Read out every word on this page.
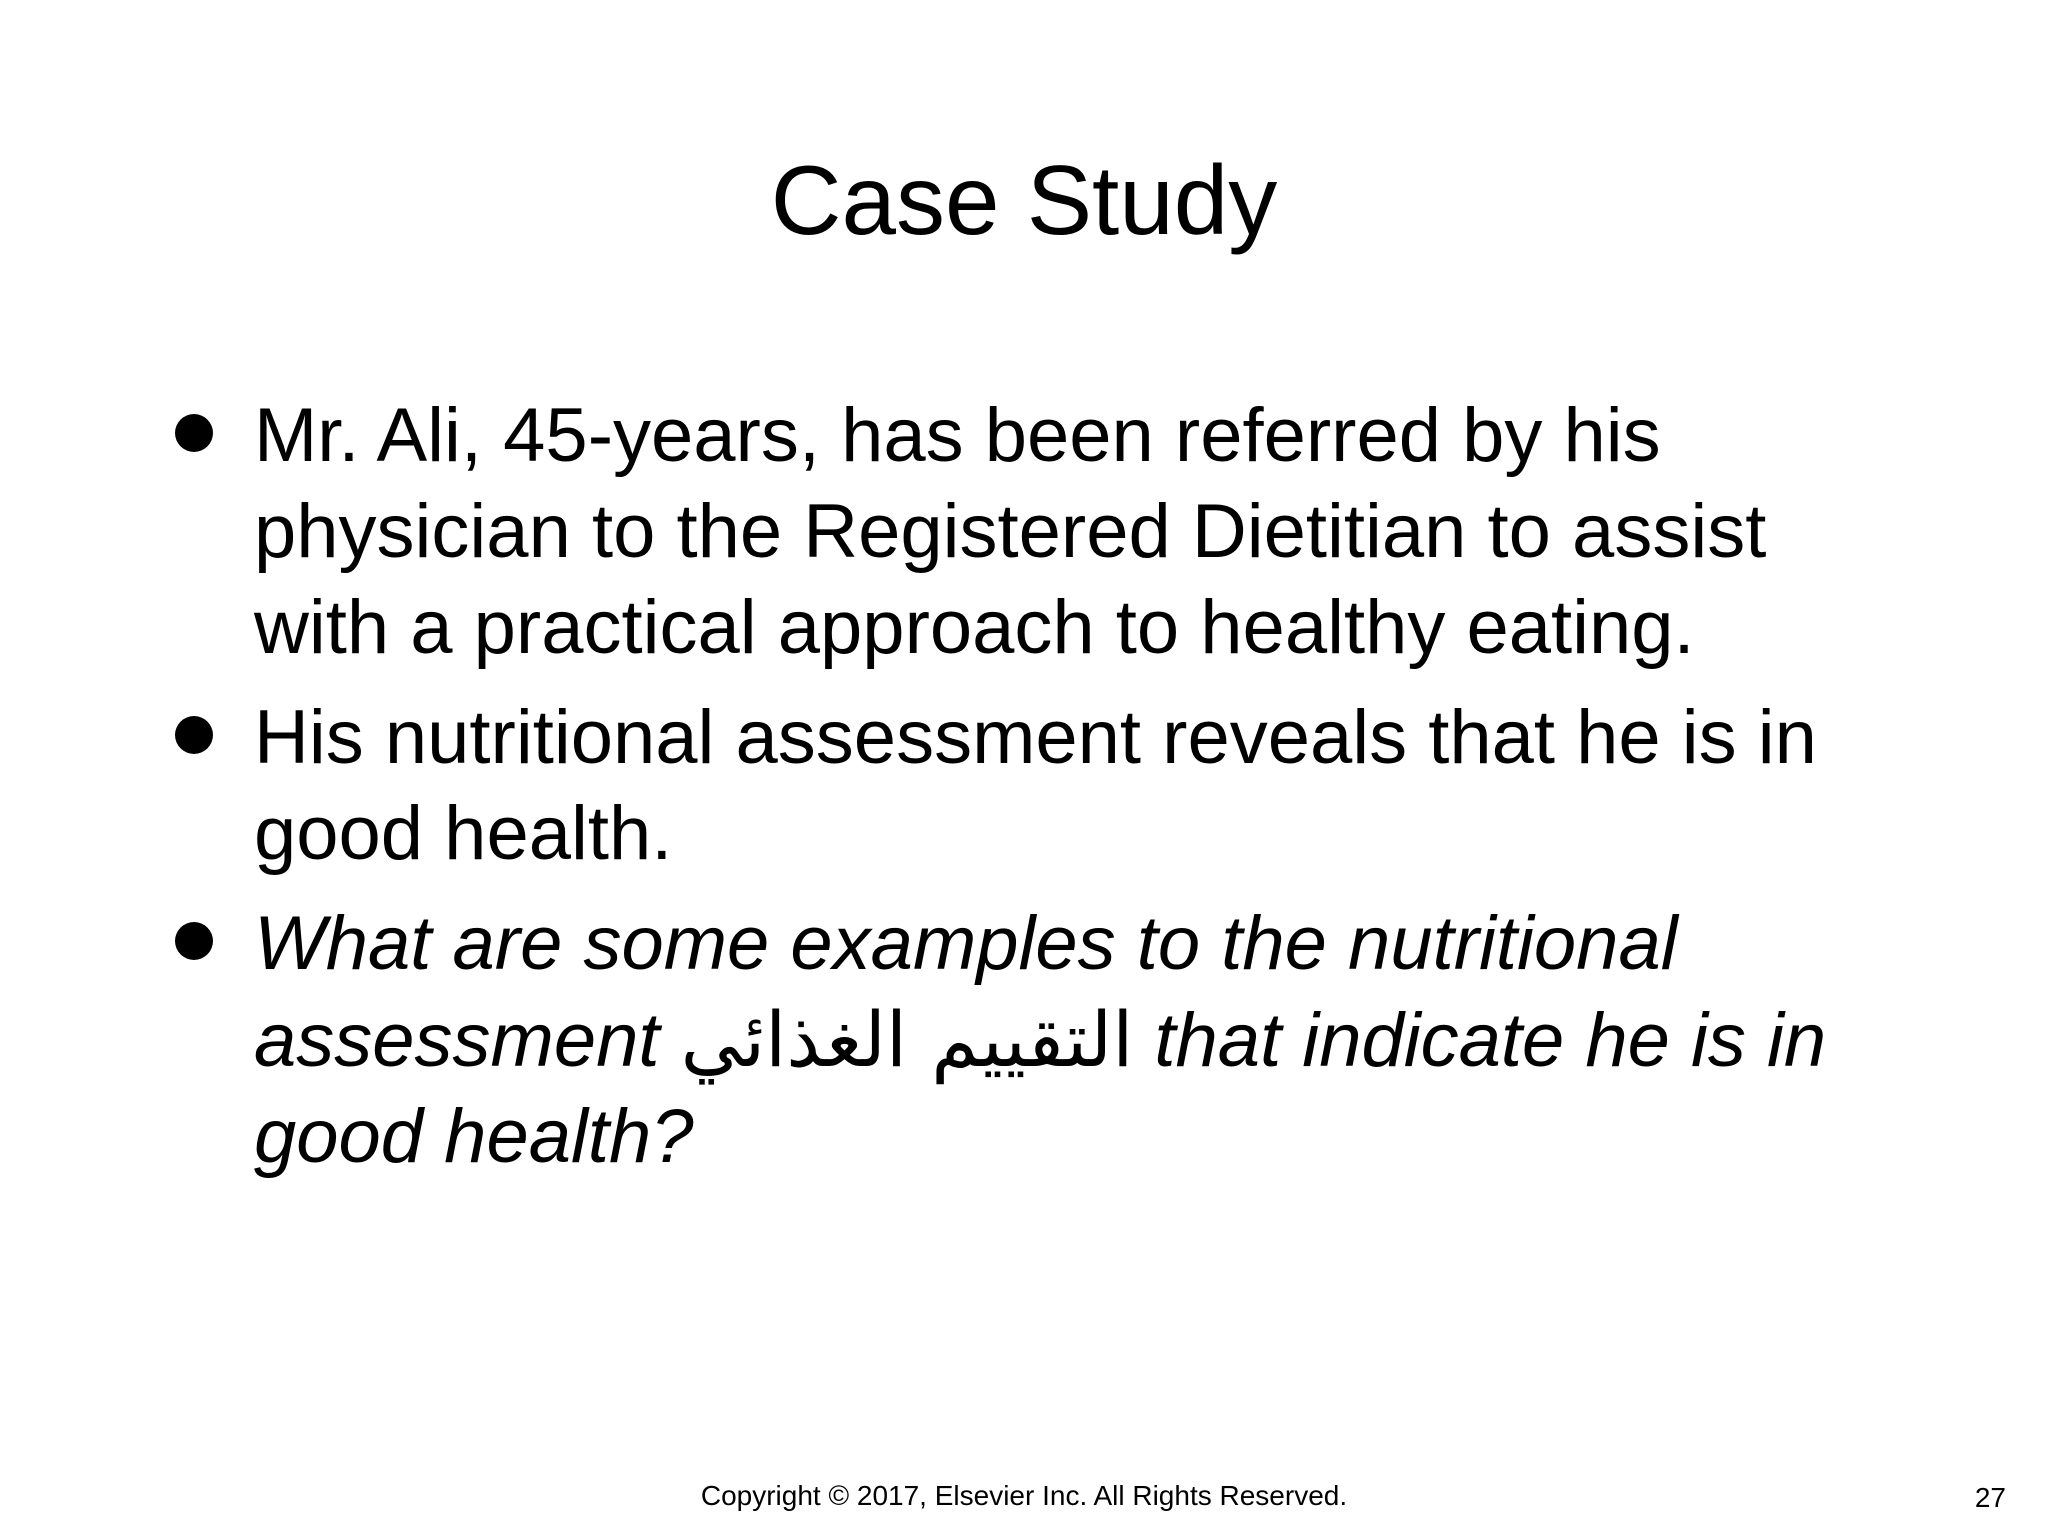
Case Study
Mr. Ali, 45-years, has been referred by his physician to the Registered Dietitian to assist with a practical approach to healthy eating.
His nutritional assessment reveals that he is in good health.
What are some examples to the nutritional assessment التقييم الغذائي that indicate he is in good health?
Copyright © 2017, Elsevier Inc. All Rights Reserved.	27
